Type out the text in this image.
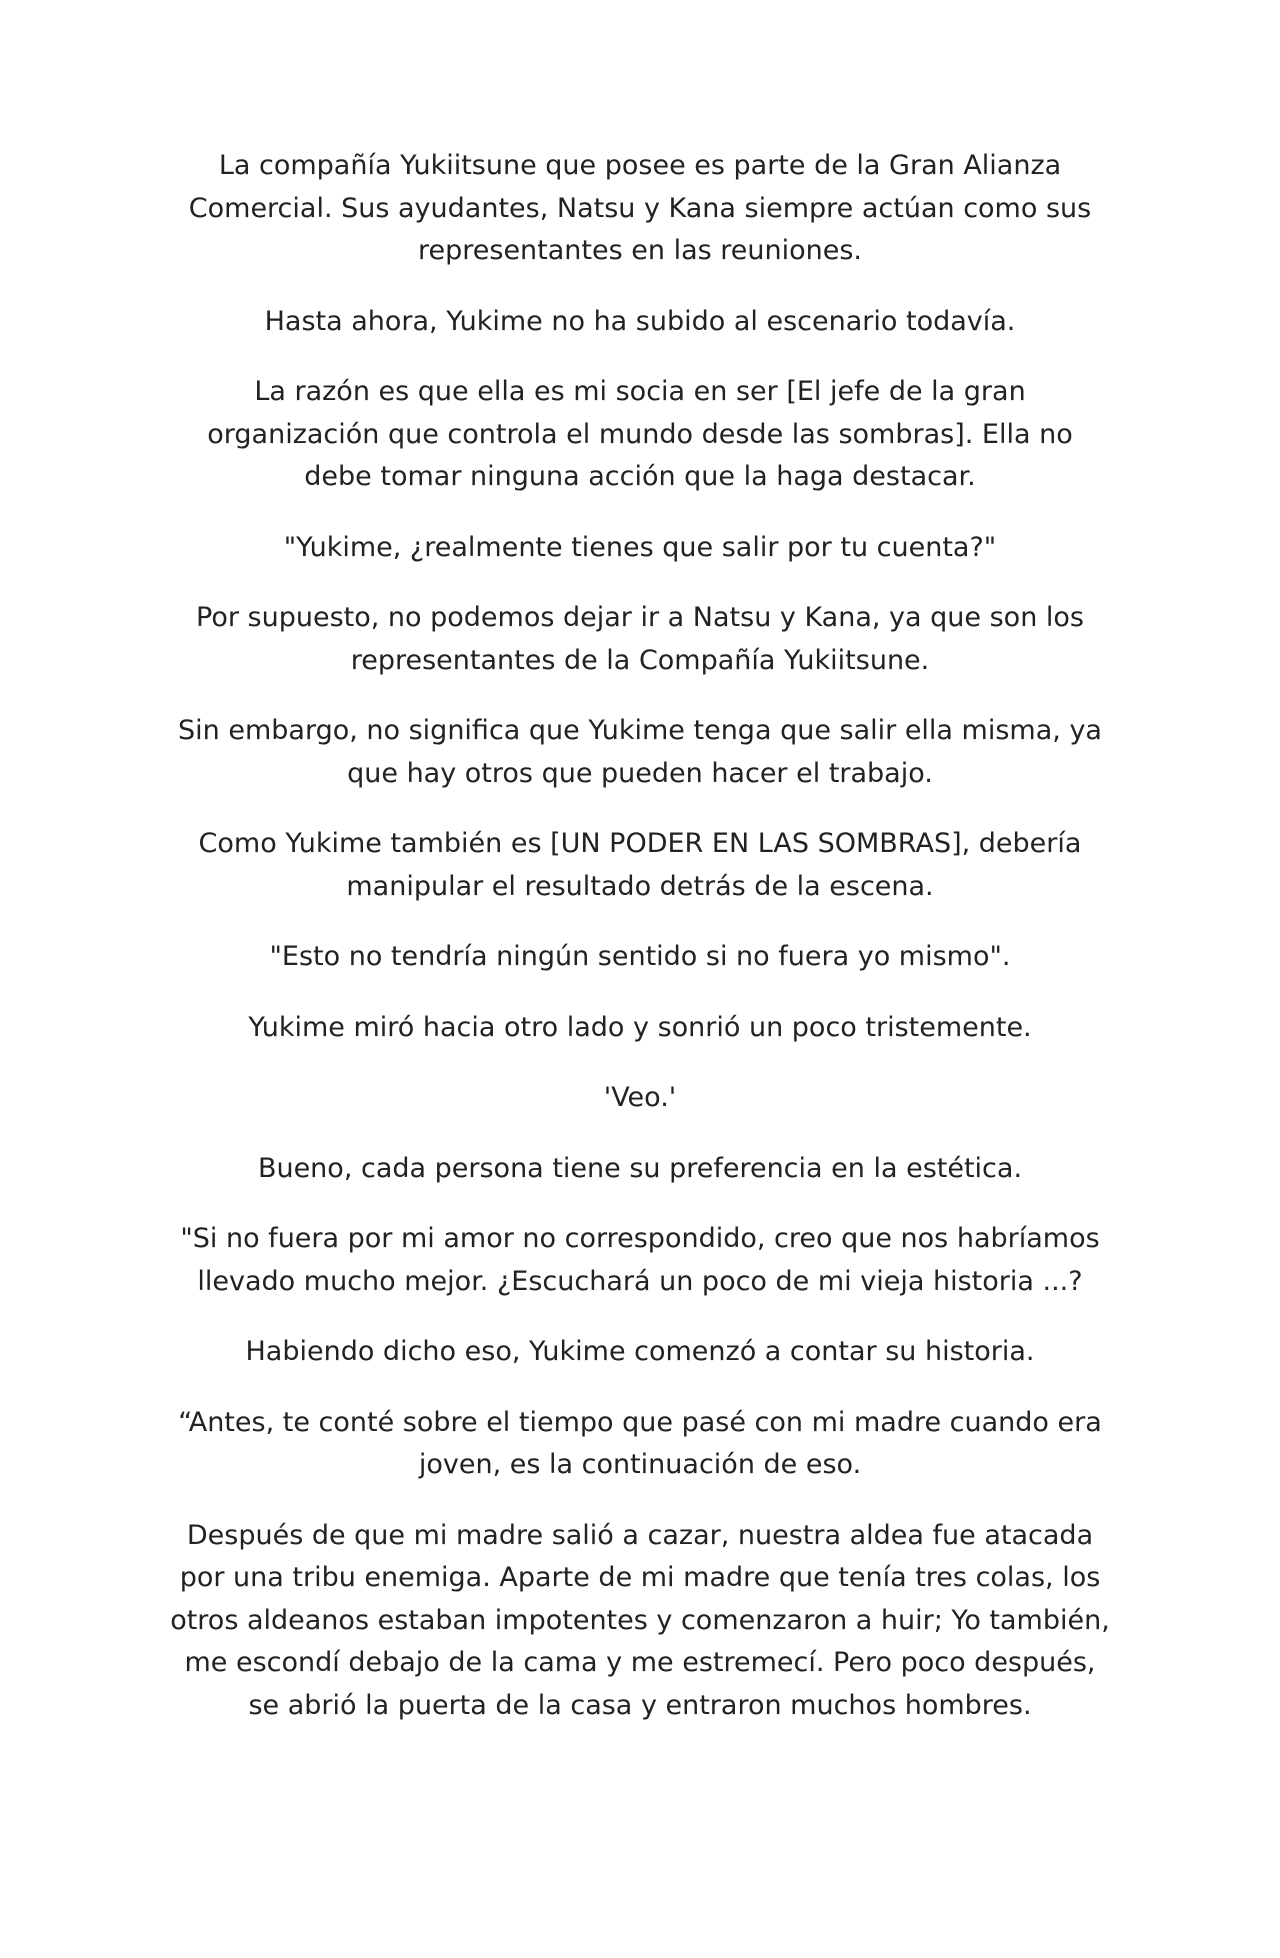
La compañía Yukiitsune que posee es parte de la Gran Alianza Comercial. Sus ayudantes, Natsu y Kana siempre actúan como sus representantes en las reuniones.

Hasta ahora, Yukime no ha subido al escenario todavía.

La razón es que ella es mi socia en ser [El jefe de la gran organización que controla el mundo desde las sombras]. Ella no debe tomar ninguna acción que la haga destacar.

"Yukime, ¿realmente tienes que salir por tu cuenta?"

Por supuesto, no podemos dejar ir a Natsu y Kana, ya que son los representantes de la Compañía Yukiitsune.

Sin embargo, no significa que Yukime tenga que salir ella misma, ya que hay otros que pueden hacer el trabajo.

Como Yukime también es [UN PODER EN LAS SOMBRAS], debería manipular el resultado detrás de la escena.

"Esto no tendría ningún sentido si no fuera yo mismo".

Yukime miró hacia otro lado y sonrió un poco tristemente.

'Veo.'

Bueno, cada persona tiene su preferencia en la estética.

"Si no fuera por mi amor no correspondido, creo que nos habríamos llevado mucho mejor. ¿Escuchará un poco de mi vieja historia ...?

Habiendo dicho eso, Yukime comenzó a contar su historia.

“Antes, te conté sobre el tiempo que pasé con mi madre cuando era joven, es la continuación de eso.

Después de que mi madre salió a cazar, nuestra aldea fue atacada por una tribu enemiga. Aparte de mi madre que tenía tres colas, los otros aldeanos estaban impotentes y comenzaron a huir; Yo también, me escondí debajo de la cama y me estremecí. Pero poco después, se abrió la puerta de la casa y entraron muchos hombres.
